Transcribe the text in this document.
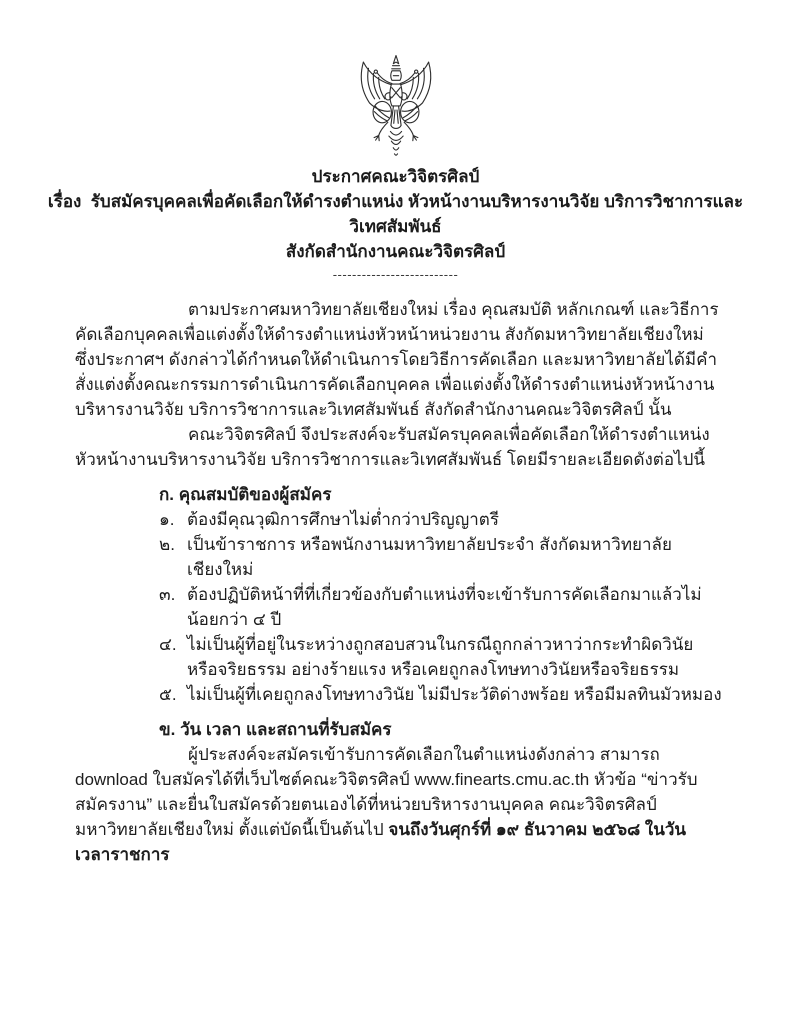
ประกาศคณะวิจิตรศิลป์
เรื่อง  รับสมัครบุคคลเพื่อคัดเลือกให้ดำรงตำแหน่ง หัวหน้างานบริหารงานวิจัย บริการวิชาการและวิเทศสัมพันธ์
สังกัดสำนักงานคณะวิจิตรศิลป์
--------------------------

ตามประกาศมหาวิทยาลัยเชียงใหม่ เรื่อง คุณสมบัติ หลักเกณฑ์ และวิธีการคัดเลือกบุคคลเพื่อแต่งตั้งให้ดำรงตำแหน่งหัวหน้าหน่วยงาน สังกัดมหาวิทยาลัยเชียงใหม่ ซึ่งประกาศฯ ดังกล่าวได้กำหนดให้ดำเนินการโดยวิธีการคัดเลือก และมหาวิทยาลัยได้มีคำสั่งแต่งตั้งคณะกรรมการดำเนินการคัดเลือกบุคคล เพื่อแต่งตั้งให้ดำรงตำแหน่งหัวหน้างานบริหารงานวิจัย บริการวิชาการและวิเทศสัมพันธ์ สังกัดสำนักงานคณะวิจิตรศิลป์ นั้น

คณะวิจิตรศิลป์ จึงประสงค์จะรับสมัครบุคคลเพื่อคัดเลือกให้ดำรงตำแหน่งหัวหน้างานบริหารงานวิจัย บริการวิชาการและวิเทศสัมพันธ์ โดยมีรายละเอียดดังต่อไปนี้

ก. คุณสมบัติของผู้สมัคร
๑. ต้องมีคุณวุฒิการศึกษาไม่ต่ำกว่าปริญญาตรี
๒. เป็นข้าราชการ หรือพนักงานมหาวิทยาลัยประจำ สังกัดมหาวิทยาลัยเชียงใหม่
๓. ต้องปฏิบัติหน้าที่ที่เกี่ยวข้องกับตำแหน่งที่จะเข้ารับการคัดเลือกมาแล้วไม่น้อยกว่า ๔ ปี
๔. ไม่เป็นผู้ที่อยู่ในระหว่างถูกสอบสวนในกรณีถูกกล่าวหาว่ากระทำผิดวินัย หรือจริยธรรม อย่างร้ายแรง หรือเคยถูกลงโทษทางวินัยหรือจริยธรรม
๕. ไม่เป็นผู้ที่เคยถูกลงโทษทางวินัย ไม่มีประวัติด่างพร้อย หรือมีมลทินมัวหมอง
ข. วัน เวลา และสถานที่รับสมัคร

ผู้ประสงค์จะสมัครเข้ารับการคัดเลือกในตำแหน่งดังกล่าว สามารถ download ใบสมัครได้ที่เว็บไซต์คณะวิจิตรศิลป์ www.finearts.cmu.ac.th หัวข้อ “ข่าวรับสมัครงาน” และยื่นใบสมัครด้วยตนเองได้ที่หน่วยบริหารงานบุคคล คณะวิจิตรศิลป์ มหาวิทยาลัยเชียงใหม่ ตั้งแต่บัดนี้เป็นต้นไป จนถึงวันศุกร์ที่ ๑๙ ธันวาคม ๒๕๖๘ ในวัน เวลาราชการ
